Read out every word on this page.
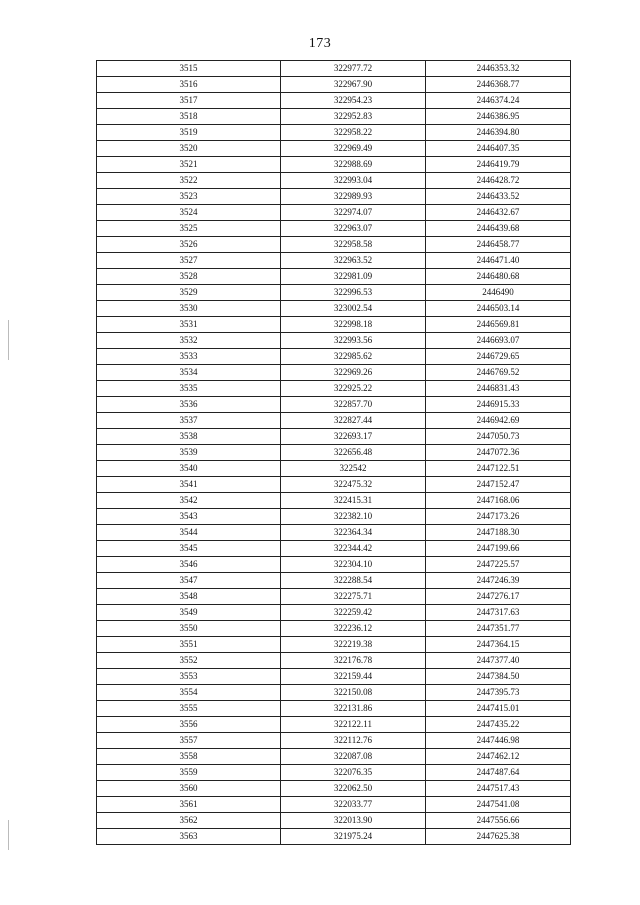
173
3515	322977.72	2446353.32
3516	322967.90	2446368.77
3517	322954.23	2446374.24
3518	322952.83	2446386.95
3519	322958.22	2446394.80
3520	322969.49	2446407.35
3521	322988.69	2446419.79
3522	322993.04	2446428.72
3523	322989.93	2446433.52
3524	322974.07	2446432.67
3525	322963.07	2446439.68
3526	322958.58	2446458.77
3527	322963.52	2446471.40
3528	322981.09	2446480.68
3529	322996.53	2446490
3530	323002.54	2446503.14
3531	322998.18	2446569.81
3532	322993.56	2446693.07
3533	322985.62	2446729.65
3534	322969.26	2446769.52
3535	322925.22	2446831.43
3536	322857.70	2446915.33
3537	322827.44	2446942.69
3538	322693.17	2447050.73
3539	322656.48	2447072.36
3540	322542	2447122.51
3541	322475.32	2447152.47
3542	322415.31	2447168.06
3543	322382.10	2447173.26
3544	322364.34	2447188.30
3545	322344.42	2447199.66
3546	322304.10	2447225.57
3547	322288.54	2447246.39
3548	322275.71	2447276.17
3549	322259.42	2447317.63
3550	322236.12	2447351.77
3551	322219.38	2447364.15
3552	322176.78	2447377.40
3553	322159.44	2447384.50
3554	322150.08	2447395.73
3555	322131.86	2447415.01
3556	322122.11	2447435.22
3557	322112.76	2447446.98
3558	322087.08	2447462.12
3559	322076.35	2447487.64
3560	322062.50	2447517.43
3561	322033.77	2447541.08
3562	322013.90	2447556.66
3563	321975.24	2447625.38
